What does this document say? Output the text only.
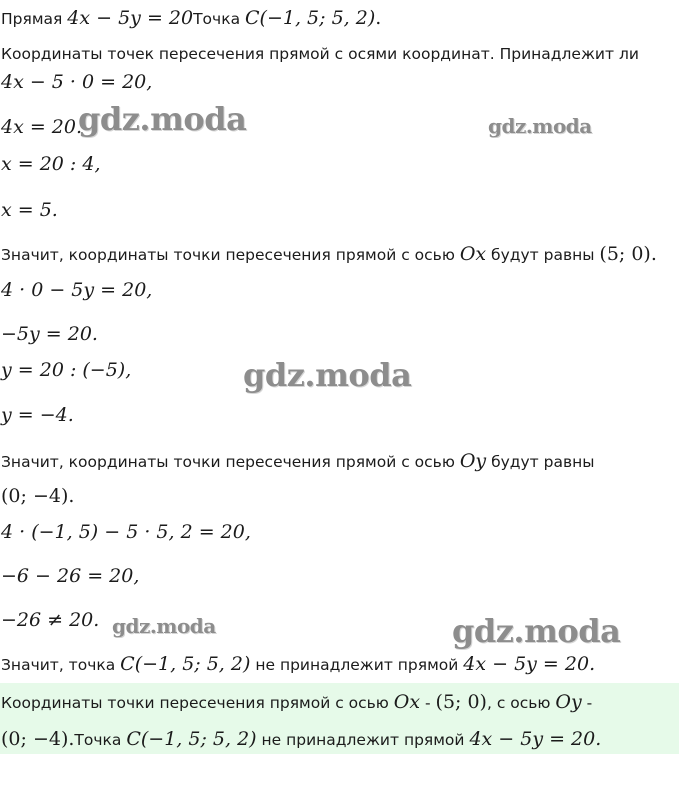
Прямая 4x − 5y = 20Точка C(−1, 5; 5, 2).
Координаты точек пересечения прямой с осями координат. Принадлежит ли
4x − 5 · 0 = 20,
4x = 20.
x = 20 : 4,
x = 5.
Значит, координаты точки пересечения прямой с осью Ox будут равны (5; 0).
4 · 0 − 5y = 20,
−5y = 20.
y = 20 : (−5),
y = −4.
Значит, координаты точки пересечения прямой с осью Oy будут равны
(0; −4).
4 · (−1, 5) − 5 · 5, 2 = 20,
−6 − 26 = 20,
−26 ≠ 20.
Значит, точка C(−1, 5; 5, 2) не принадлежит прямой 4x − 5y = 20.
Координаты точки пересечения прямой с осью Ox - (5; 0), с осью Oy -
(0; −4).Точка C(−1, 5; 5, 2) не принадлежит прямой 4x − 5y = 20.
gdz.moda	gdz.moda
gdz.moda
gdz.moda	gdz.moda
